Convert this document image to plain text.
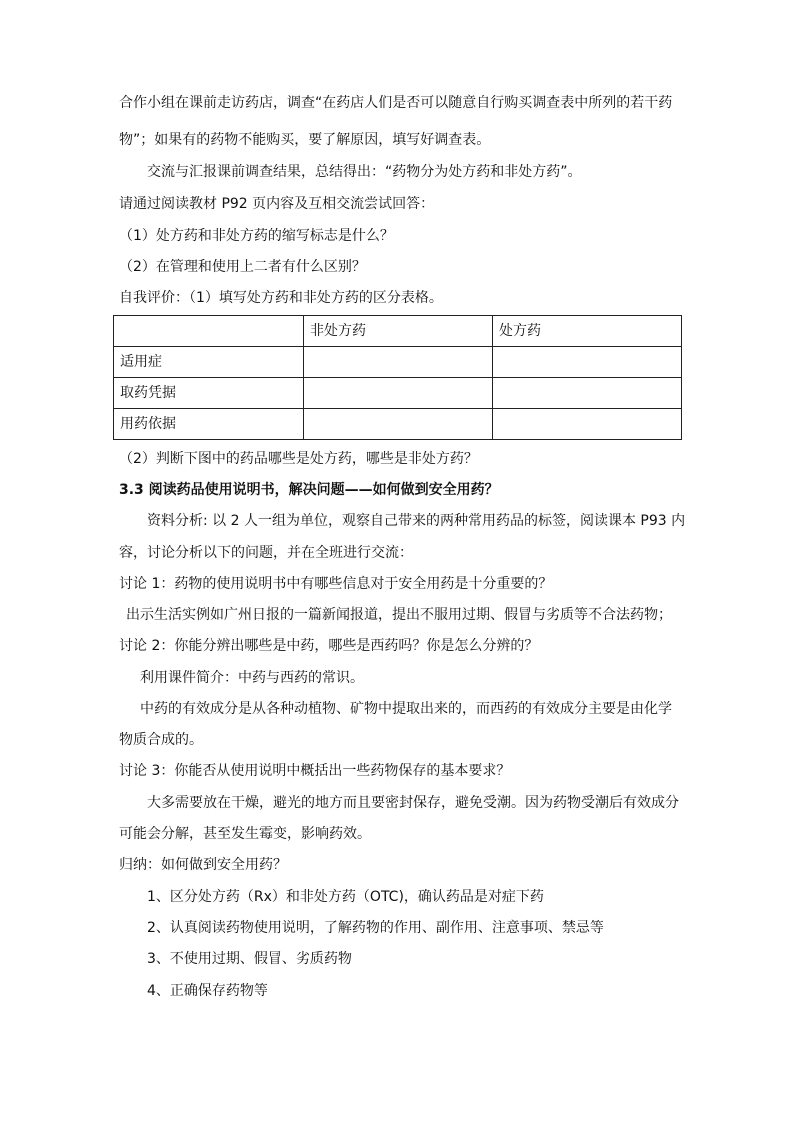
合作小组在课前走访药店，调查“在药店人们是否可以随意自行购买调查表中所列的若干药
物”；如果有的药物不能购买，要了解原因，填写好调查表。
交流与汇报课前调查结果，总结得出：“药物分为处方药和非处方药”。
请通过阅读教材 P92 页内容及互相交流尝试回答：
（1）处方药和非处方药的缩写标志是什么？
（2）在管理和使用上二者有什么区别？
自我评价：（1）填写处方药和非处方药的区分表格。
	非处方药	处方药
适用症		
取药凭据		
用药依据		
（2）判断下图中的药品哪些是处方药，哪些是非处方药？
3.3 阅读药品使用说明书，解决问题——如何做到安全用药？
资料分析: 以 2 人一组为单位，观察自己带来的两种常用药品的标签，阅读课本 P93 内
容，讨论分析以下的问题，并在全班进行交流：
讨论 1：药物的使用说明书中有哪些信息对于安全用药是十分重要的？
出示生活实例如广州日报的一篇新闻报道，提出不服用过期、假冒与劣质等不合法药物；
讨论 2：你能分辨出哪些是中药，哪些是西药吗？你是怎么分辨的？
利用课件简介：中药与西药的常识。
中药的有效成分是从各种动植物、矿物中提取出来的，而西药的有效成分主要是由化学
物质合成的。
讨论 3：你能否从使用说明中概括出一些药物保存的基本要求？
大多需要放在干燥，避光的地方而且要密封保存，避免受潮。因为药物受潮后有效成分
可能会分解，甚至发生霉变，影响药效。
归纳：如何做到安全用药？
1、区分处方药（Rx）和非处方药（OTC)，确认药品是对症下药
2、认真阅读药物使用说明，了解药物的作用、副作用、注意事项、禁忌等
3、不使用过期、假冒、劣质药物
4、正确保存药物等
